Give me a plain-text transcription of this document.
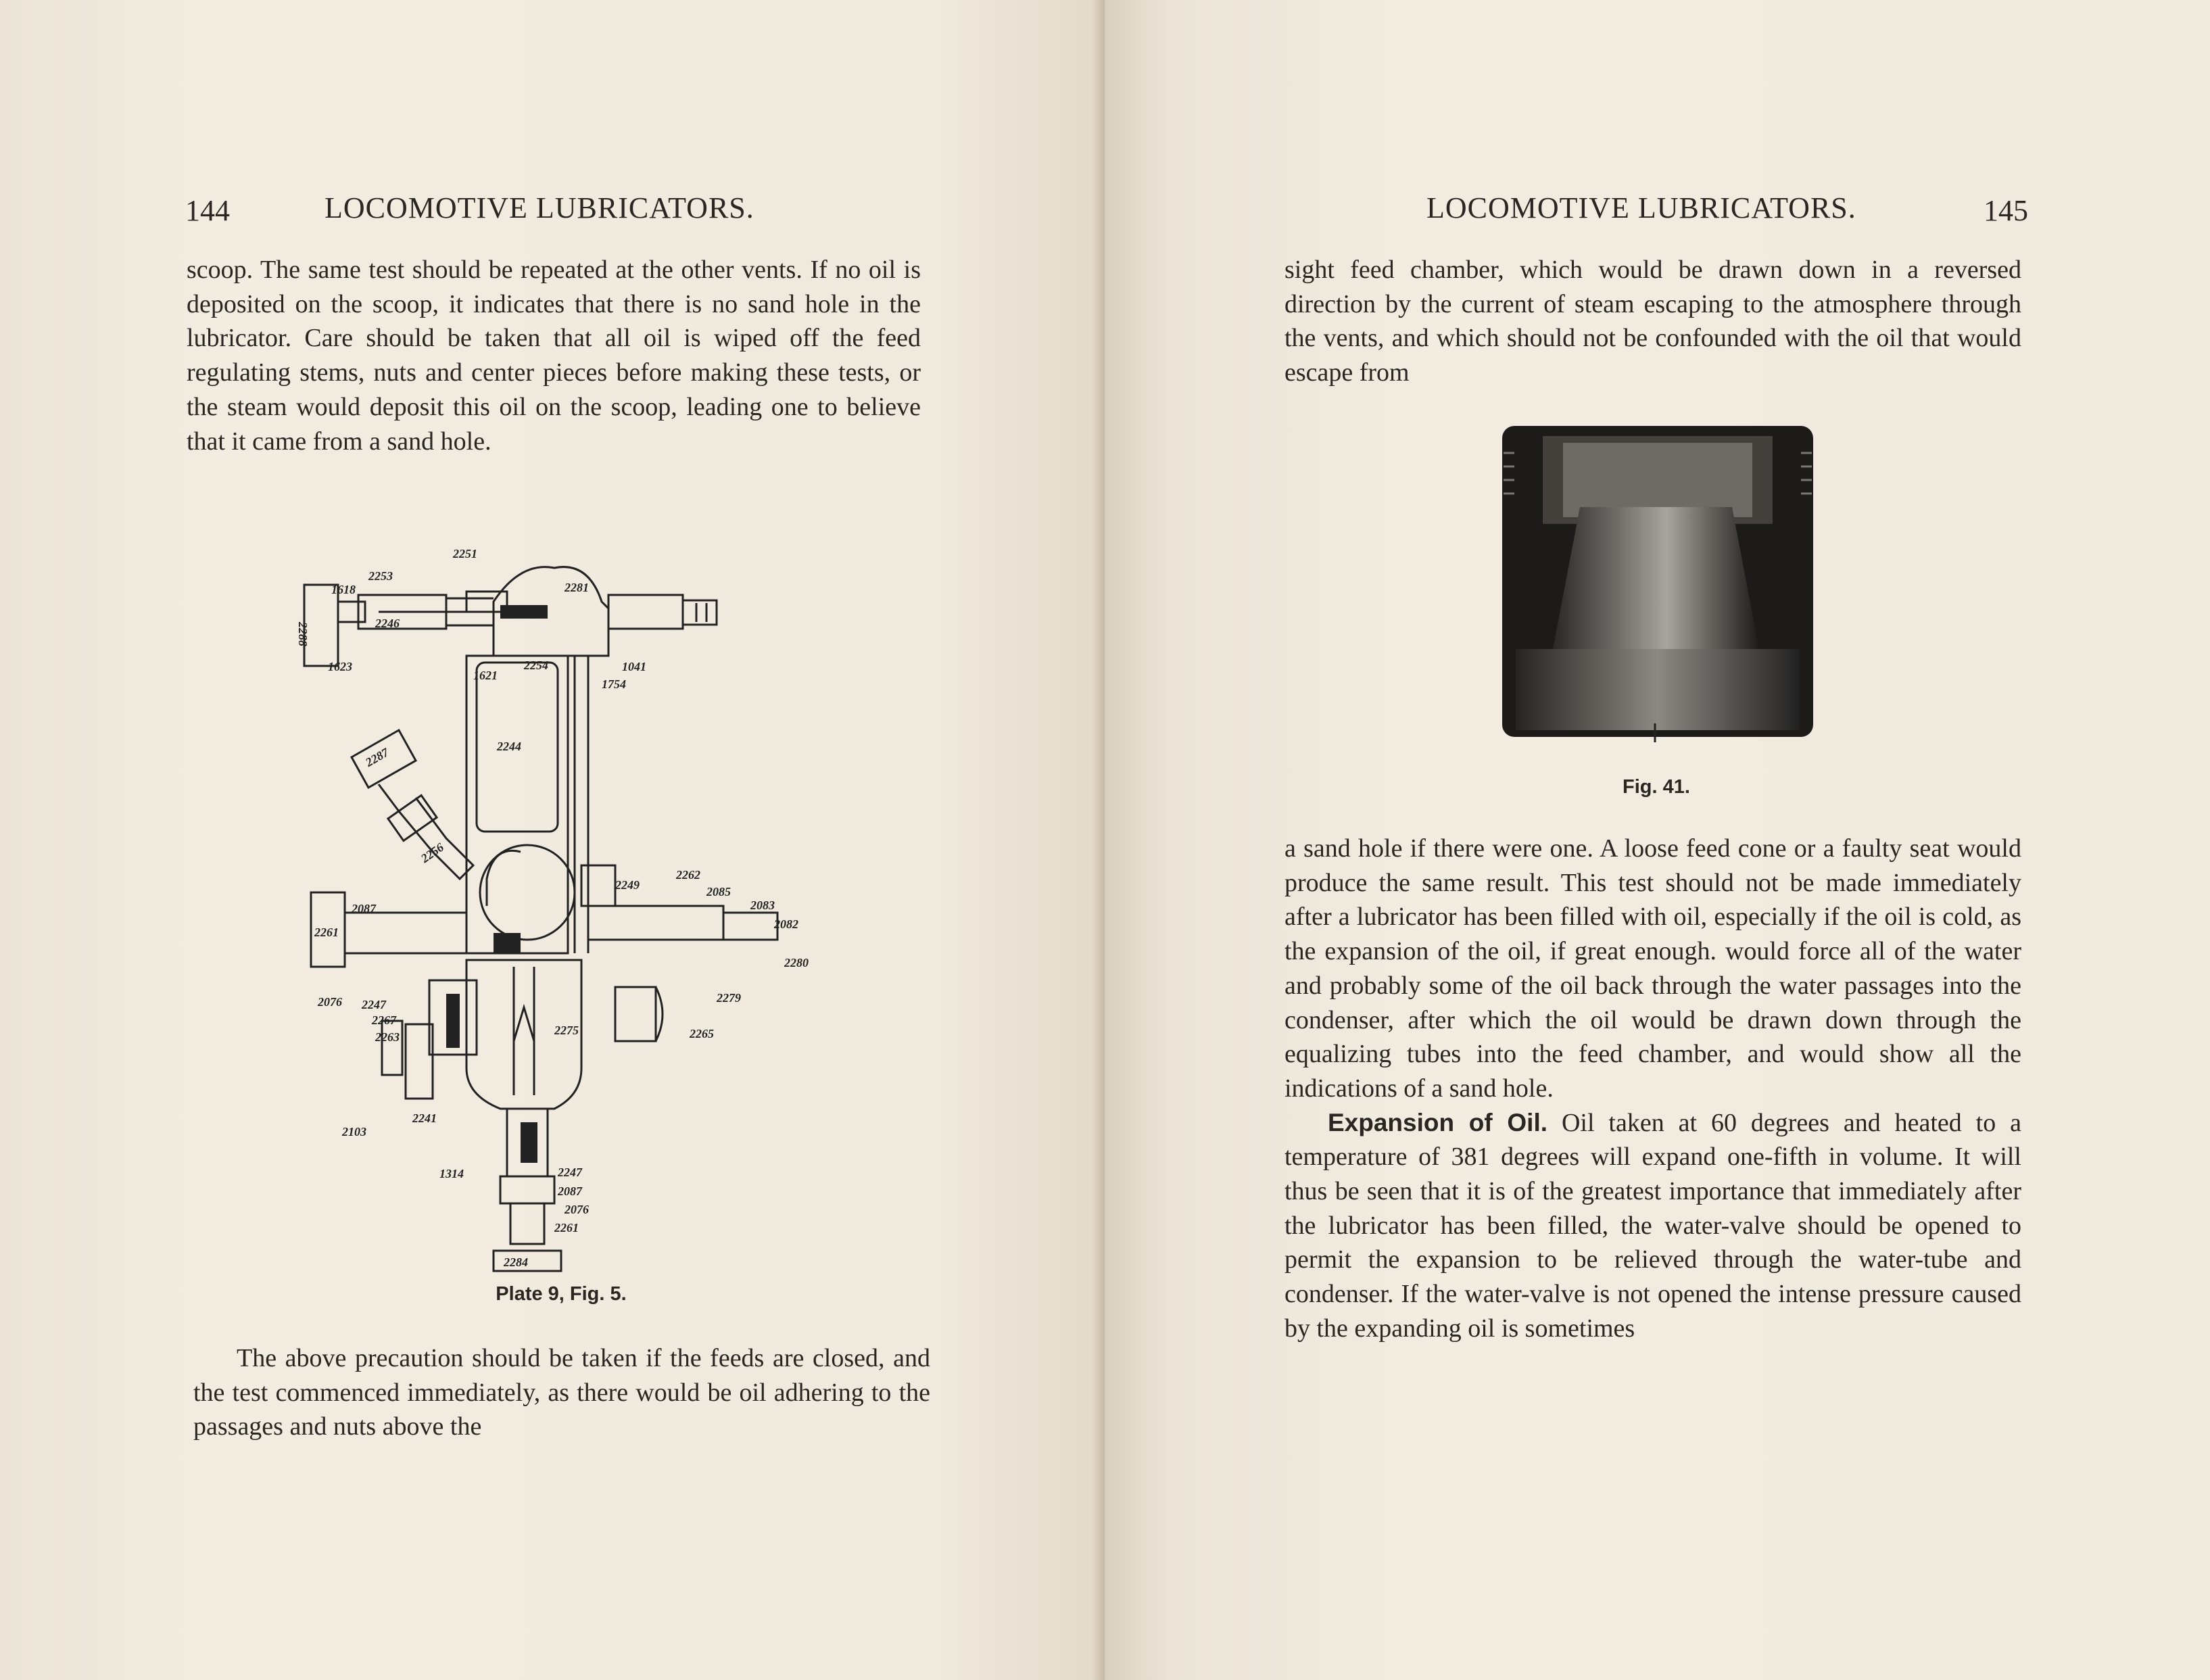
144	LOCOMOTIVE LUBRICATORS.

scoop. The same test should be repeated at the other vents. If no oil is deposited on the scoop, it indicates that there is no sand hole in the lubricator. Care should be taken that all oil is wiped off the feed regulating stems, nuts and center pieces before making these tests, or the steam would deposit this oil on the scoop, leading one to believe that it came from a sand hole.

2251
2281
1618
2253
2246
2288
1623
1621
2254
1754
1041
2244
2287
2256
2249
2262
2085
2083
2082
2087
2261
2280
2076 2247	2279
2267
2263	2275	2265
2103
2241
1314	2247
2087
2076
2261
2284
Plate 9, Fig. 5.

The above precaution should be taken if the feeds are closed, and the test commenced immediately, as there would be oil adhering to the passages and nuts above the

LOCOMOTIVE LUBRICATORS.	145

sight feed chamber, which would be drawn down in a reversed direction by the current of steam escaping to the atmosphere through the vents, and which should not be confounded with the oil that would escape from

Fig. 41.

a sand hole if there were one. A loose feed cone or a faulty seat would produce the same result. This test should not be made immediately after a lubricator has been filled with oil, especially if the oil is cold, as the expansion of the oil, if great enough. would force all of the water and probably some of the oil back through the water passages into the condenser, after which the oil would be drawn down through the equalizing tubes into the feed chamber, and would show all the indications of a sand hole.

Expansion of Oil. Oil taken at 60 degrees and heated to a temperature of 381 degrees will expand one-fifth in volume. It will thus be seen that it is of the greatest importance that immediately after the lubricator has been filled, the water-valve should be opened to permit the expansion to be relieved through the water-tube and condenser. If the water-valve is not opened the intense pressure caused by the expanding oil is sometimes
